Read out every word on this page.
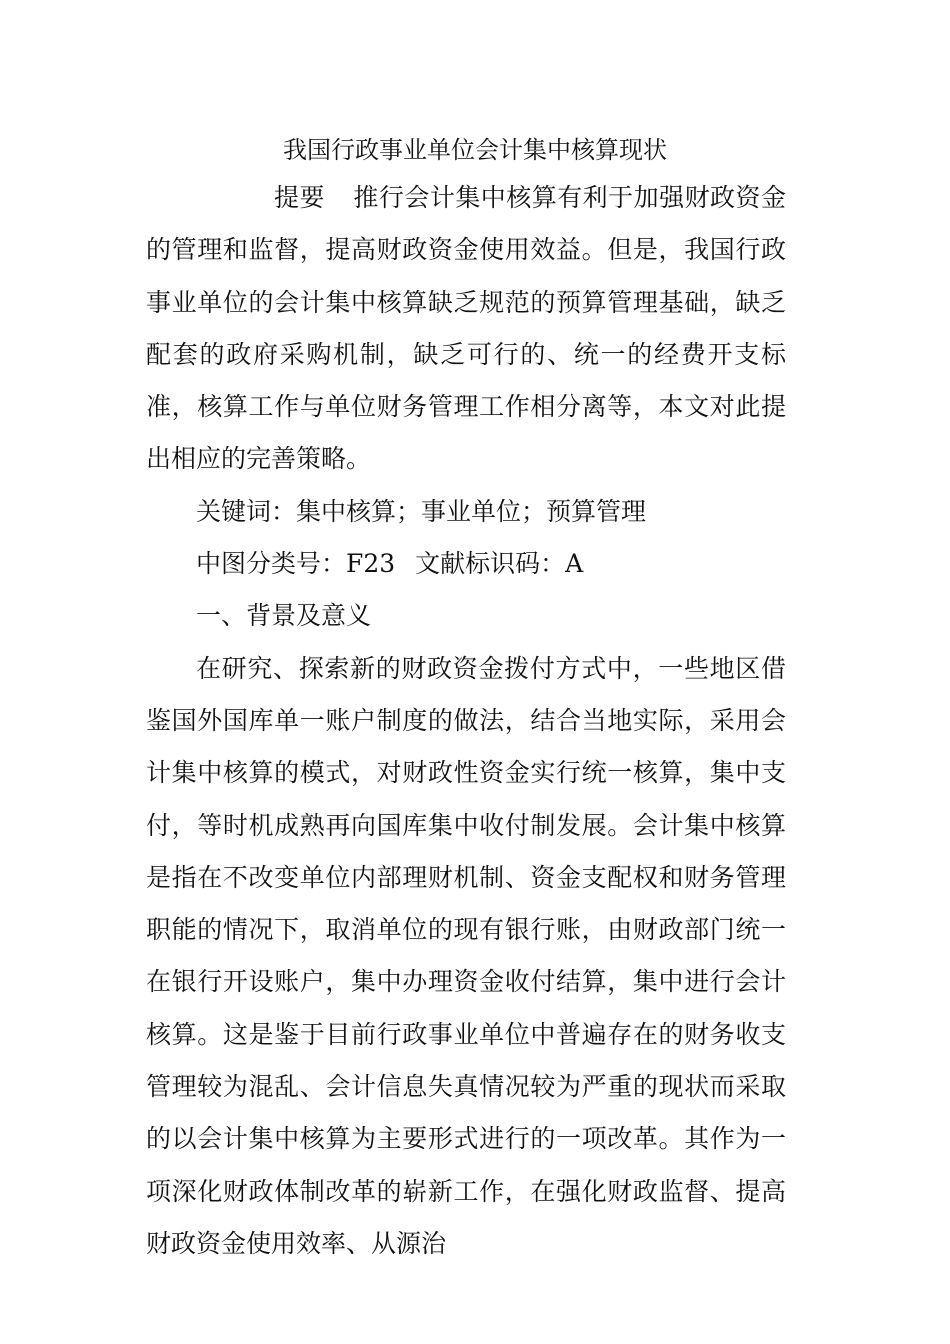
我国行政事业单位会计集中核算现状

提要 推行会计集中核算有利于加强财政资金的管理和监督，提高财政资金使用效益。但是，我国行政事业单位的会计集中核算缺乏规范的预算管理基础，缺乏配套的政府采购机制，缺乏可行的、统一的经费开支标准，核算工作与单位财务管理工作相分离等，本文对此提出相应的完善策略。

关键词：集中核算；事业单位；预算管理

中图分类号：F23 文献标识码：A

一、背景及意义

在研究、探索新的财政资金拨付方式中，一些地区借鉴国外国库单一账户制度的做法，结合当地实际，采用会计集中核算的模式，对财政性资金实行统一核算，集中支付，等时机成熟再向国库集中收付制发展。会计集中核算是指在不改变单位内部理财机制、资金支配权和财务管理职能的情况下，取消单位的现有银行账，由财政部门统一在银行开设账户，集中办理资金收付结算，集中进行会计核算。这是鉴于目前行政事业单位中普遍存在的财务收支管理较为混乱、会计信息失真情况较为严重的现状而采取的以会计集中核算为主要形式进行的一项改革。其作为一项深化财政体制改革的崭新工作，在强化财政监督、提高财政资金使用效率、从源治
